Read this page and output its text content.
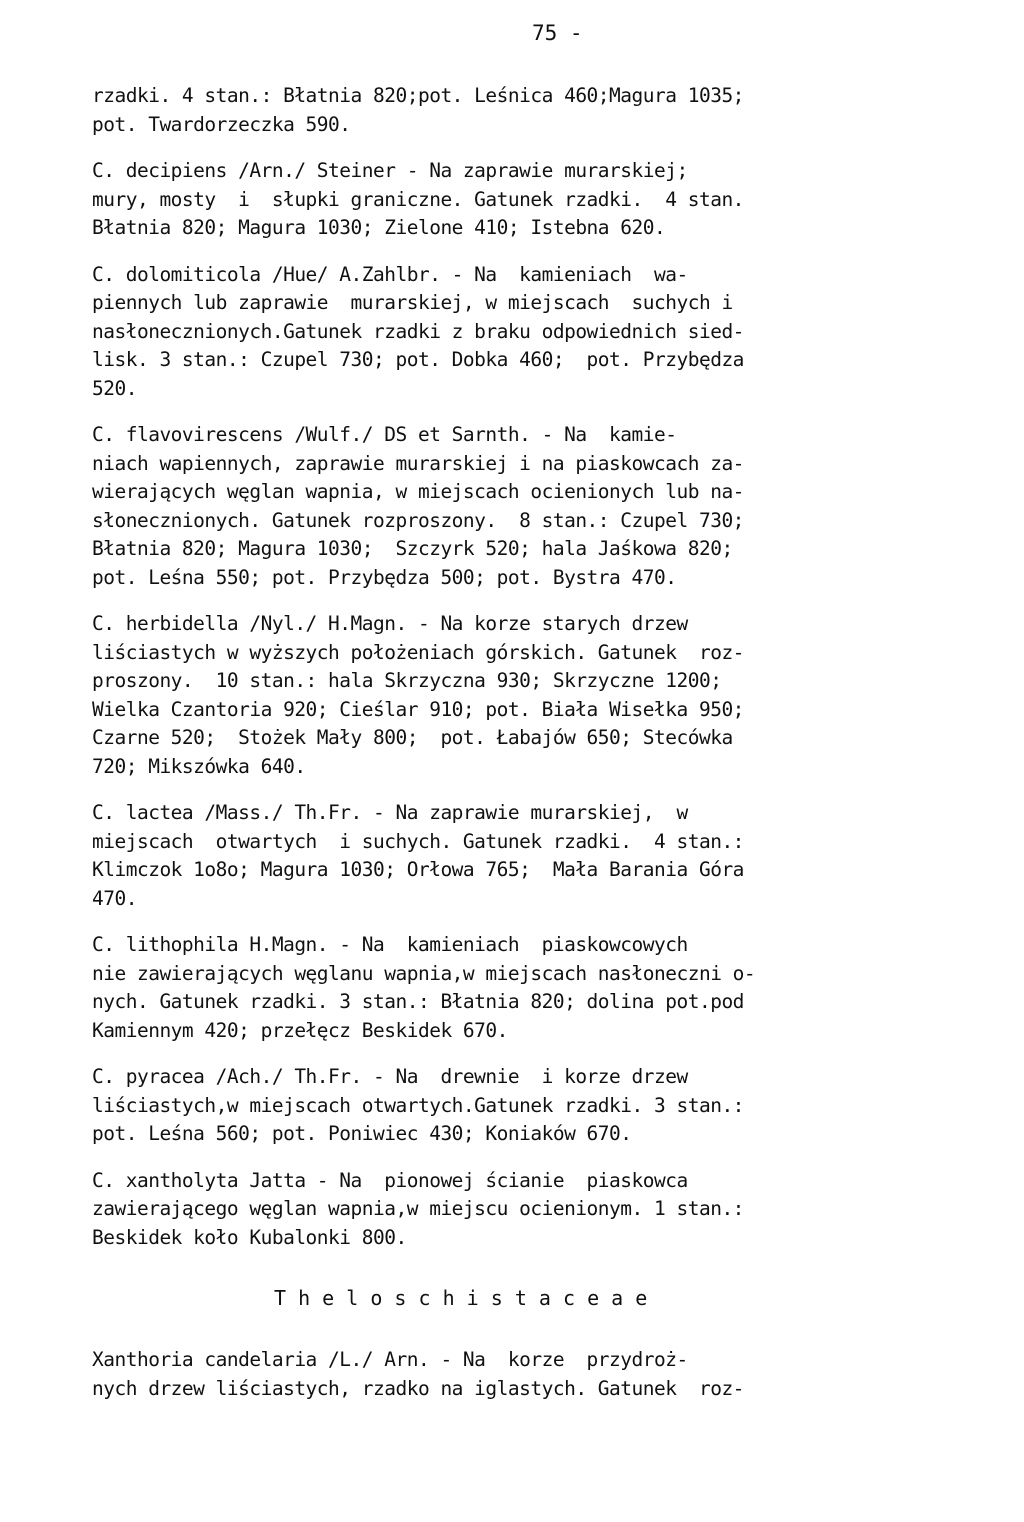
75 -
rzadki. 4 stan.: Błatnia 820;pot. Leśnica 460;Magura 1035;
pot. Twardorzeczka 590.
C. decipiens /Arn./ Steiner - Na zaprawie murarskiej;
mury, mosty  i  słupki graniczne. Gatunek rzadki.  4 stan.
Błatnia 820; Magura 1030; Zielone 410; Istebna 620.
C. dolomiticola /Hue/ A.Zahlbr. - Na  kamieniach  wa-
piennych lub zaprawie  murarskiej, w miejscach  suchych i
nasłonecznionych.Gatunek rzadki z braku odpowiednich sied-
lisk. 3 stan.: Czupel 730; pot. Dobka 460;  pot. Przybędza
520.
C. flavovirescens /Wulf./ DS et Sarnth. - Na  kamie-
niach wapiennych, zaprawie murarskiej i na piaskowcach za-
wierających węglan wapnia, w miejscach ocienionych lub na-
słonecznionych. Gatunek rozproszony.  8 stan.: Czupel 730;
Błatnia 820; Magura 1030;  Szczyrk 520; hala Jaśkowa 820;
pot. Leśna 550; pot. Przybędza 500; pot. Bystra 470.
C. herbidella /Nyl./ H.Magn. - Na korze starych drzew
liściastych w wyższych położeniach górskich. Gatunek  roz-
proszony.  10 stan.: hala Skrzyczna 930; Skrzyczne 1200;
Wielka Czantoria 920; Cieślar 910; pot. Biała Wisełka 950;
Czarne 520;  Stożek Mały 800;  pot. Łabajów 650; Stecówka
720; Mikszówka 640.
C. lactea /Mass./ Th.Fr. - Na zaprawie murarskiej,  w
miejscach  otwartych  i suchych. Gatunek rzadki.  4 stan.:
Klimczok 1o8o; Magura 1030; Orłowa 765;  Mała Barania Góra
470.
C. lithophila H.Magn. - Na  kamieniach  piaskowcowych
nie zawierających węglanu wapnia,w miejscach nasłoneczni o-
nych. Gatunek rzadki. 3 stan.: Błatnia 820; dolina pot.pod
Kamiennym 420; przełęcz Beskidek 670.
C. pyracea /Ach./ Th.Fr. - Na  drewnie  i korze drzew
liściastych,w miejscach otwartych.Gatunek rzadki. 3 stan.:
pot. Leśna 560; pot. Poniwiec 430; Koniaków 670.
C. xantholyta Jatta - Na  pionowej ścianie  piaskowca
zawierającego węglan wapnia,w miejscu ocienionym. 1 stan.:
Beskidek koło Kubalonki 800.
T h e l o s c h i s t a c e a e
Xanthoria candelaria /L./ Arn. - Na  korze  przydroż-
nych drzew liściastych, rzadko na iglastych. Gatunek  roz-
